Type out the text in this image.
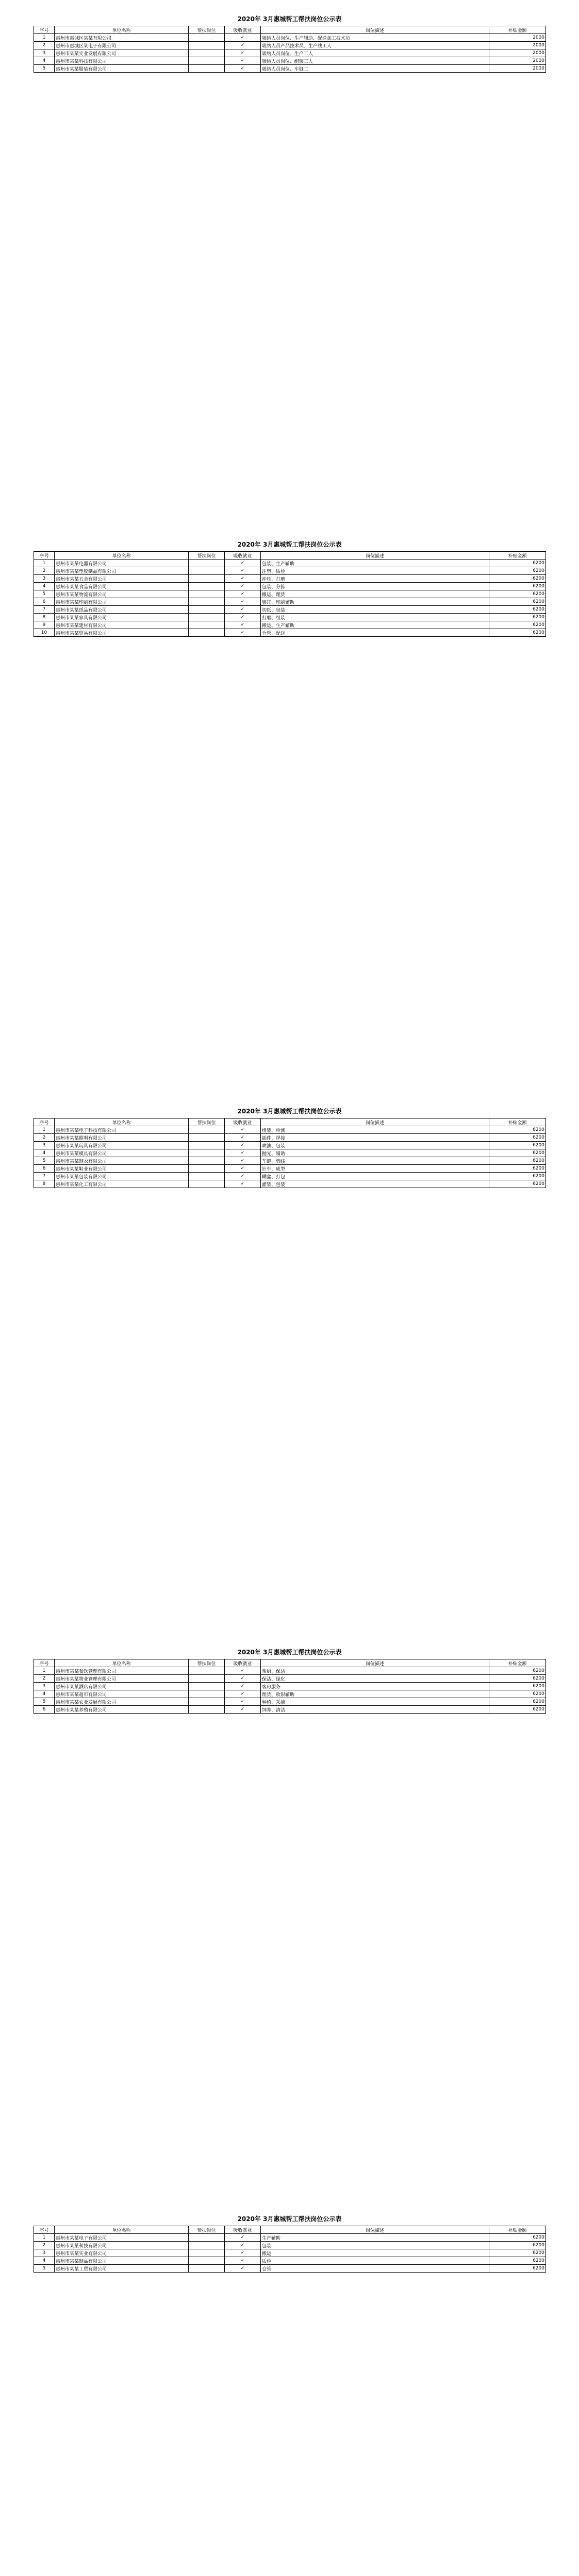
2020年 3月惠城帮工帮扶岗位公示表
序号	单位名称	帮扶岗位	吸收就业	岗位描述	补贴金额
1	惠州市惠城区某某有限公司		✓	吸纳人员岗位、生产辅助、配送加工技术员	2000
2	惠州市惠城区某电子有限公司		✓	吸纳人员产品技术员、生产线工人	2000
3	惠州市某某实业发展有限公司		✓	吸纳人员岗位、生产工人	2000
4	惠州市某某科技有限公司		✓	吸纳人员岗位、组装工人	2000
5	惠州市某某服装有限公司		✓	吸纳人员岗位、车缝工	2000
2020年 3月惠城帮工帮扶岗位公示表
序号	单位名称	帮扶岗位	吸收就业	岗位描述	补贴金额
1	惠州市某某电器有限公司		✓	包装、生产辅助	6200
2	惠州市某某塑胶制品有限公司		✓	注塑、质检	6200
3	惠州市某某五金有限公司		✓	冲压、打磨	6200
4	惠州市某某食品有限公司		✓	包装、分拣	6200
5	惠州市某某物流有限公司		✓	搬运、理货	6200
6	惠州市某某印刷有限公司		✓	装订、印刷辅助	6200
7	惠州市某某纸品有限公司		✓	切纸、包装	6200
8	惠州市某某家具有限公司		✓	打磨、组装	6200
9	惠州市某某建材有限公司		✓	搬运、生产辅助	6200
10	惠州市某某贸易有限公司		✓	仓管、配送	6200
2020年 3月惠城帮工帮扶岗位公示表
序号	单位名称	帮扶岗位	吸收就业	岗位描述	补贴金额
1	惠州市某某电子科技有限公司		✓	组装、检测	6200
2	惠州市某某照明有限公司		✓	插件、焊接	6200
3	惠州市某某玩具有限公司		✓	喷油、包装	6200
4	惠州市某某模具有限公司		✓	抛光、辅助	6200
5	惠州市某某制衣有限公司		✓	车缝、剪线	6200
6	惠州市某某鞋业有限公司		✓	针车、成型	6200
7	惠州市某某包装有限公司		✓	糊盒、打包	6200
8	惠州市某某化工有限公司		✓	灌装、包装	6200
2020年 3月惠城帮工帮扶岗位公示表
序号	单位名称	帮扶岗位	吸收就业	岗位描述	补贴金额
1	惠州市某某餐饮管理有限公司		✓	帮厨、保洁	6200
2	惠州市某某物业管理有限公司		✓	保洁、绿化	6200
3	惠州市某某酒店有限公司		✓	客房服务	6200
4	惠州市某某超市有限公司		✓	理货、收银辅助	6200
5	惠州市某某农业发展有限公司		✓	种植、采摘	6200
6	惠州市某某养殖有限公司		✓	饲养、清洁	6200
2020年 3月惠城帮工帮扶岗位公示表
序号	单位名称	帮扶岗位	吸收就业	岗位描述	补贴金额
1	惠州市某某电子有限公司		✓	生产辅助	6200
2	惠州市某某科技有限公司		✓	包装	6200
3	惠州市某某实业有限公司		✓	搬运	6200
4	惠州市某某制品有限公司		✓	质检	6200
5	惠州市某某工贸有限公司		✓	仓管	6200
